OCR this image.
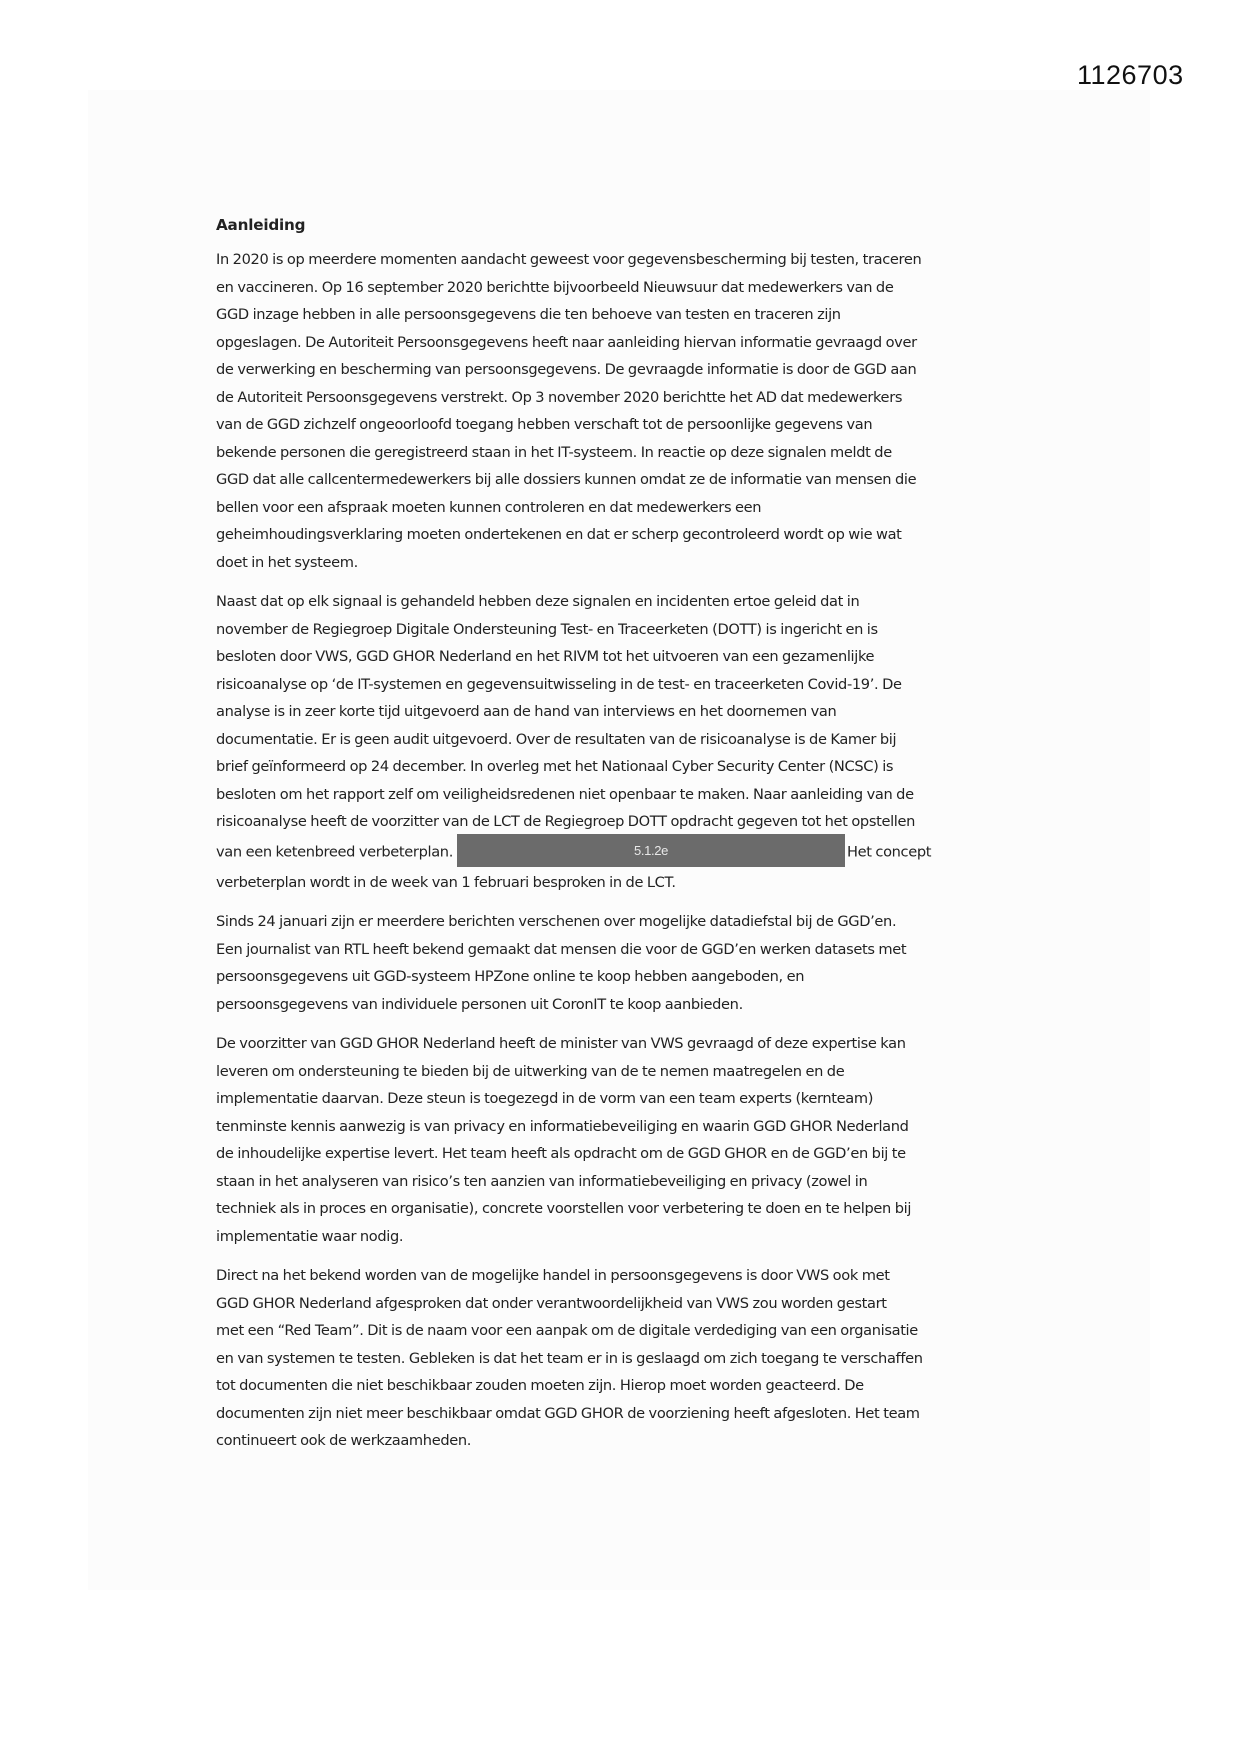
1126703
Aanleiding
In 2020 is op meerdere momenten aandacht geweest voor gegevensbescherming bij testen, traceren
en vaccineren. Op 16 september 2020 berichtte bijvoorbeeld Nieuwsuur dat medewerkers van de
GGD inzage hebben in alle persoonsgegevens die ten behoeve van testen en traceren zijn
opgeslagen. De Autoriteit Persoonsgegevens heeft naar aanleiding hiervan informatie gevraagd over
de verwerking en bescherming van persoonsgegevens. De gevraagde informatie is door de GGD aan
de Autoriteit Persoonsgegevens verstrekt. Op 3 november 2020 berichtte het AD dat medewerkers
van de GGD zichzelf ongeoorloofd toegang hebben verschaft tot de persoonlijke gegevens van
bekende personen die geregistreerd staan in het IT-systeem. In reactie op deze signalen meldt de
GGD dat alle callcentermedewerkers bij alle dossiers kunnen omdat ze de informatie van mensen die
bellen voor een afspraak moeten kunnen controleren en dat medewerkers een
geheimhoudingsverklaring moeten ondertekenen en dat er scherp gecontroleerd wordt op wie wat
doet in het systeem.
Naast dat op elk signaal is gehandeld hebben deze signalen en incidenten ertoe geleid dat in
november de Regiegroep Digitale Ondersteuning Test- en Traceerketen (DOTT) is ingericht en is
besloten door VWS, GGD GHOR Nederland en het RIVM tot het uitvoeren van een gezamenlijke
risicoanalyse op ‘de IT-systemen en gegevensuitwisseling in de test- en traceerketen Covid-19’. De
analyse is in zeer korte tijd uitgevoerd aan de hand van interviews en het doornemen van
documentatie. Er is geen audit uitgevoerd. Over de resultaten van de risicoanalyse is de Kamer bij
brief geïnformeerd op 24 december. In overleg met het Nationaal Cyber Security Center (NCSC) is
besloten om het rapport zelf om veiligheidsredenen niet openbaar te maken. Naar aanleiding van de
risicoanalyse heeft de voorzitter van de LCT de Regiegroep DOTT opdracht gegeven tot het opstellen
van een ketenbreed verbeterplan.	5.1.2e	Het concept
verbeterplan wordt in de week van 1 februari besproken in de LCT.
Sinds 24 januari zijn er meerdere berichten verschenen over mogelijke datadiefstal bij de GGD’en.
Een journalist van RTL heeft bekend gemaakt dat mensen die voor de GGD’en werken datasets met
persoonsgegevens uit GGD-systeem HPZone online te koop hebben aangeboden, en
persoonsgegevens van individuele personen uit CoronIT te koop aanbieden.
De voorzitter van GGD GHOR Nederland heeft de minister van VWS gevraagd of deze expertise kan
leveren om ondersteuning te bieden bij de uitwerking van de te nemen maatregelen en de
implementatie daarvan. Deze steun is toegezegd in de vorm van een team experts (kernteam)
tenminste kennis aanwezig is van privacy en informatiebeveiliging en waarin GGD GHOR Nederland
de inhoudelijke expertise levert. Het team heeft als opdracht om de GGD GHOR en de GGD’en bij te
staan in het analyseren van risico’s ten aanzien van informatiebeveiliging en privacy (zowel in
techniek als in proces en organisatie), concrete voorstellen voor verbetering te doen en te helpen bij
implementatie waar nodig.
Direct na het bekend worden van de mogelijke handel in persoonsgegevens is door VWS ook met
GGD GHOR Nederland afgesproken dat onder verantwoordelijkheid van VWS zou worden gestart
met een “Red Team”. Dit is de naam voor een aanpak om de digitale verdediging van een organisatie
en van systemen te testen. Gebleken is dat het team er in is geslaagd om zich toegang te verschaffen
tot documenten die niet beschikbaar zouden moeten zijn. Hierop moet worden geacteerd. De
documenten zijn niet meer beschikbaar omdat GGD GHOR de voorziening heeft afgesloten. Het team
continueert ook de werkzaamheden.
